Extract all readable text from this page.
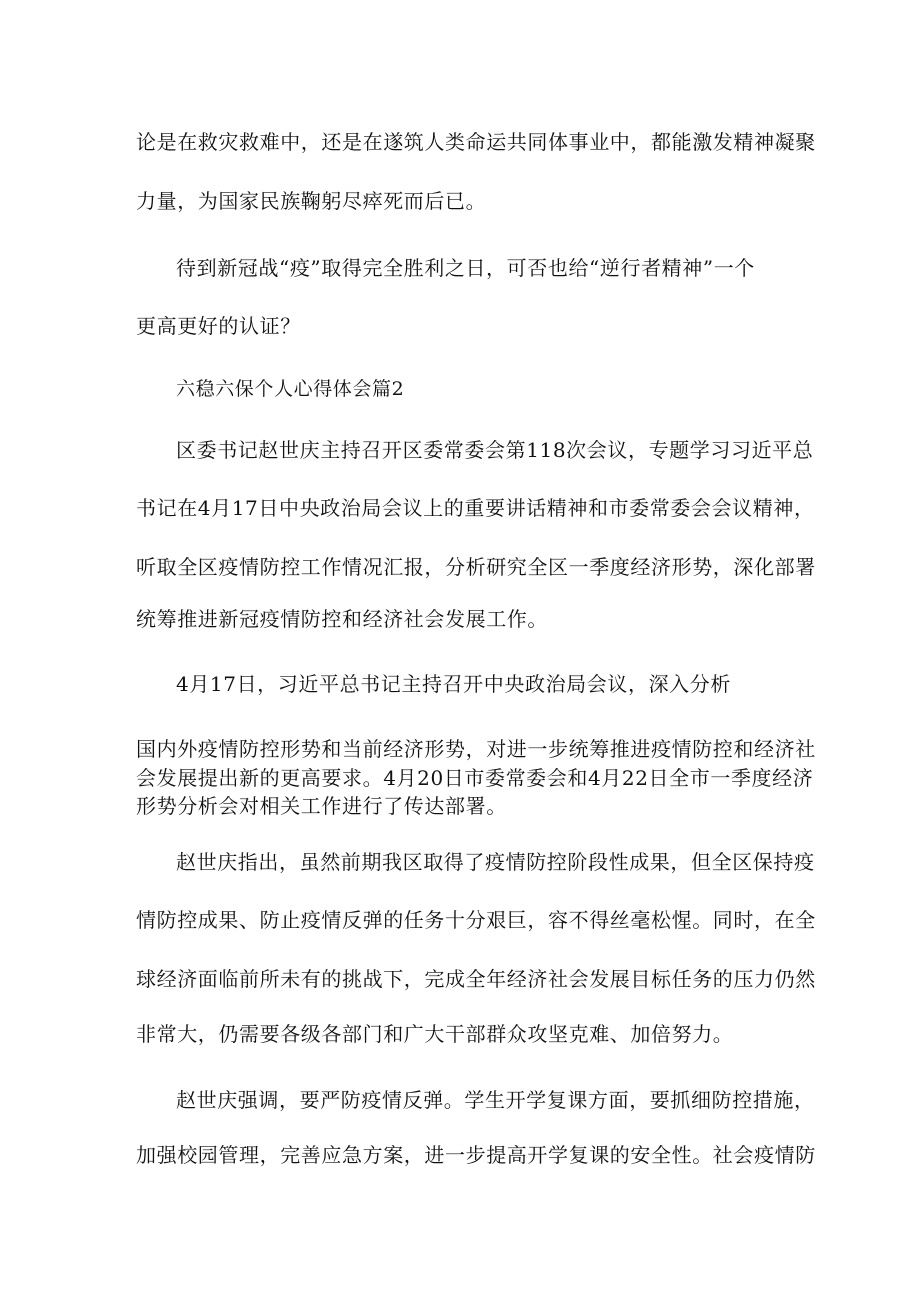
论是在救灾救难中，还是在遂筑人类命运共同体事业中，都能激发精神凝聚
力量，为国家民族鞠躬尽瘁死而后已。
待到新冠战“疫”取得完全胜利之日，可否也给“逆行者精神”一个
更高更好的认证？
六稳六保个人心得体会篇2
区委书记赵世庆主持召开区委常委会第118次会议，专题学习习近平总
书记在4月17日中央政治局会议上的重要讲话精神和市委常委会会议精神，
听取全区疫情防控工作情况汇报，分析研究全区一季度经济形势，深化部署
统筹推进新冠疫情防控和经济社会发展工作。
4月17日，习近平总书记主持召开中央政治局会议，深入分析
国内外疫情防控形势和当前经济形势，对进一步统筹推进疫情防控和经济社
会发展提出新的更高要求。4月20日市委常委会和4月22日全市一季度经济
形势分析会对相关工作进行了传达部署。
赵世庆指出，虽然前期我区取得了疫情防控阶段性成果，但全区保持疫
情防控成果、防止疫情反弹的任务十分艰巨，容不得丝毫松惺。同时，在全
球经济面临前所未有的挑战下，完成全年经济社会发展目标任务的压力仍然
非常大，仍需要各级各部门和广大干部群众攻坚克难、加倍努力。
赵世庆强调，要严防疫情反弹。学生开学复课方面，要抓细防控措施，
加强校园管理，完善应急方案，进一步提高开学复课的安全性。社会疫情防
